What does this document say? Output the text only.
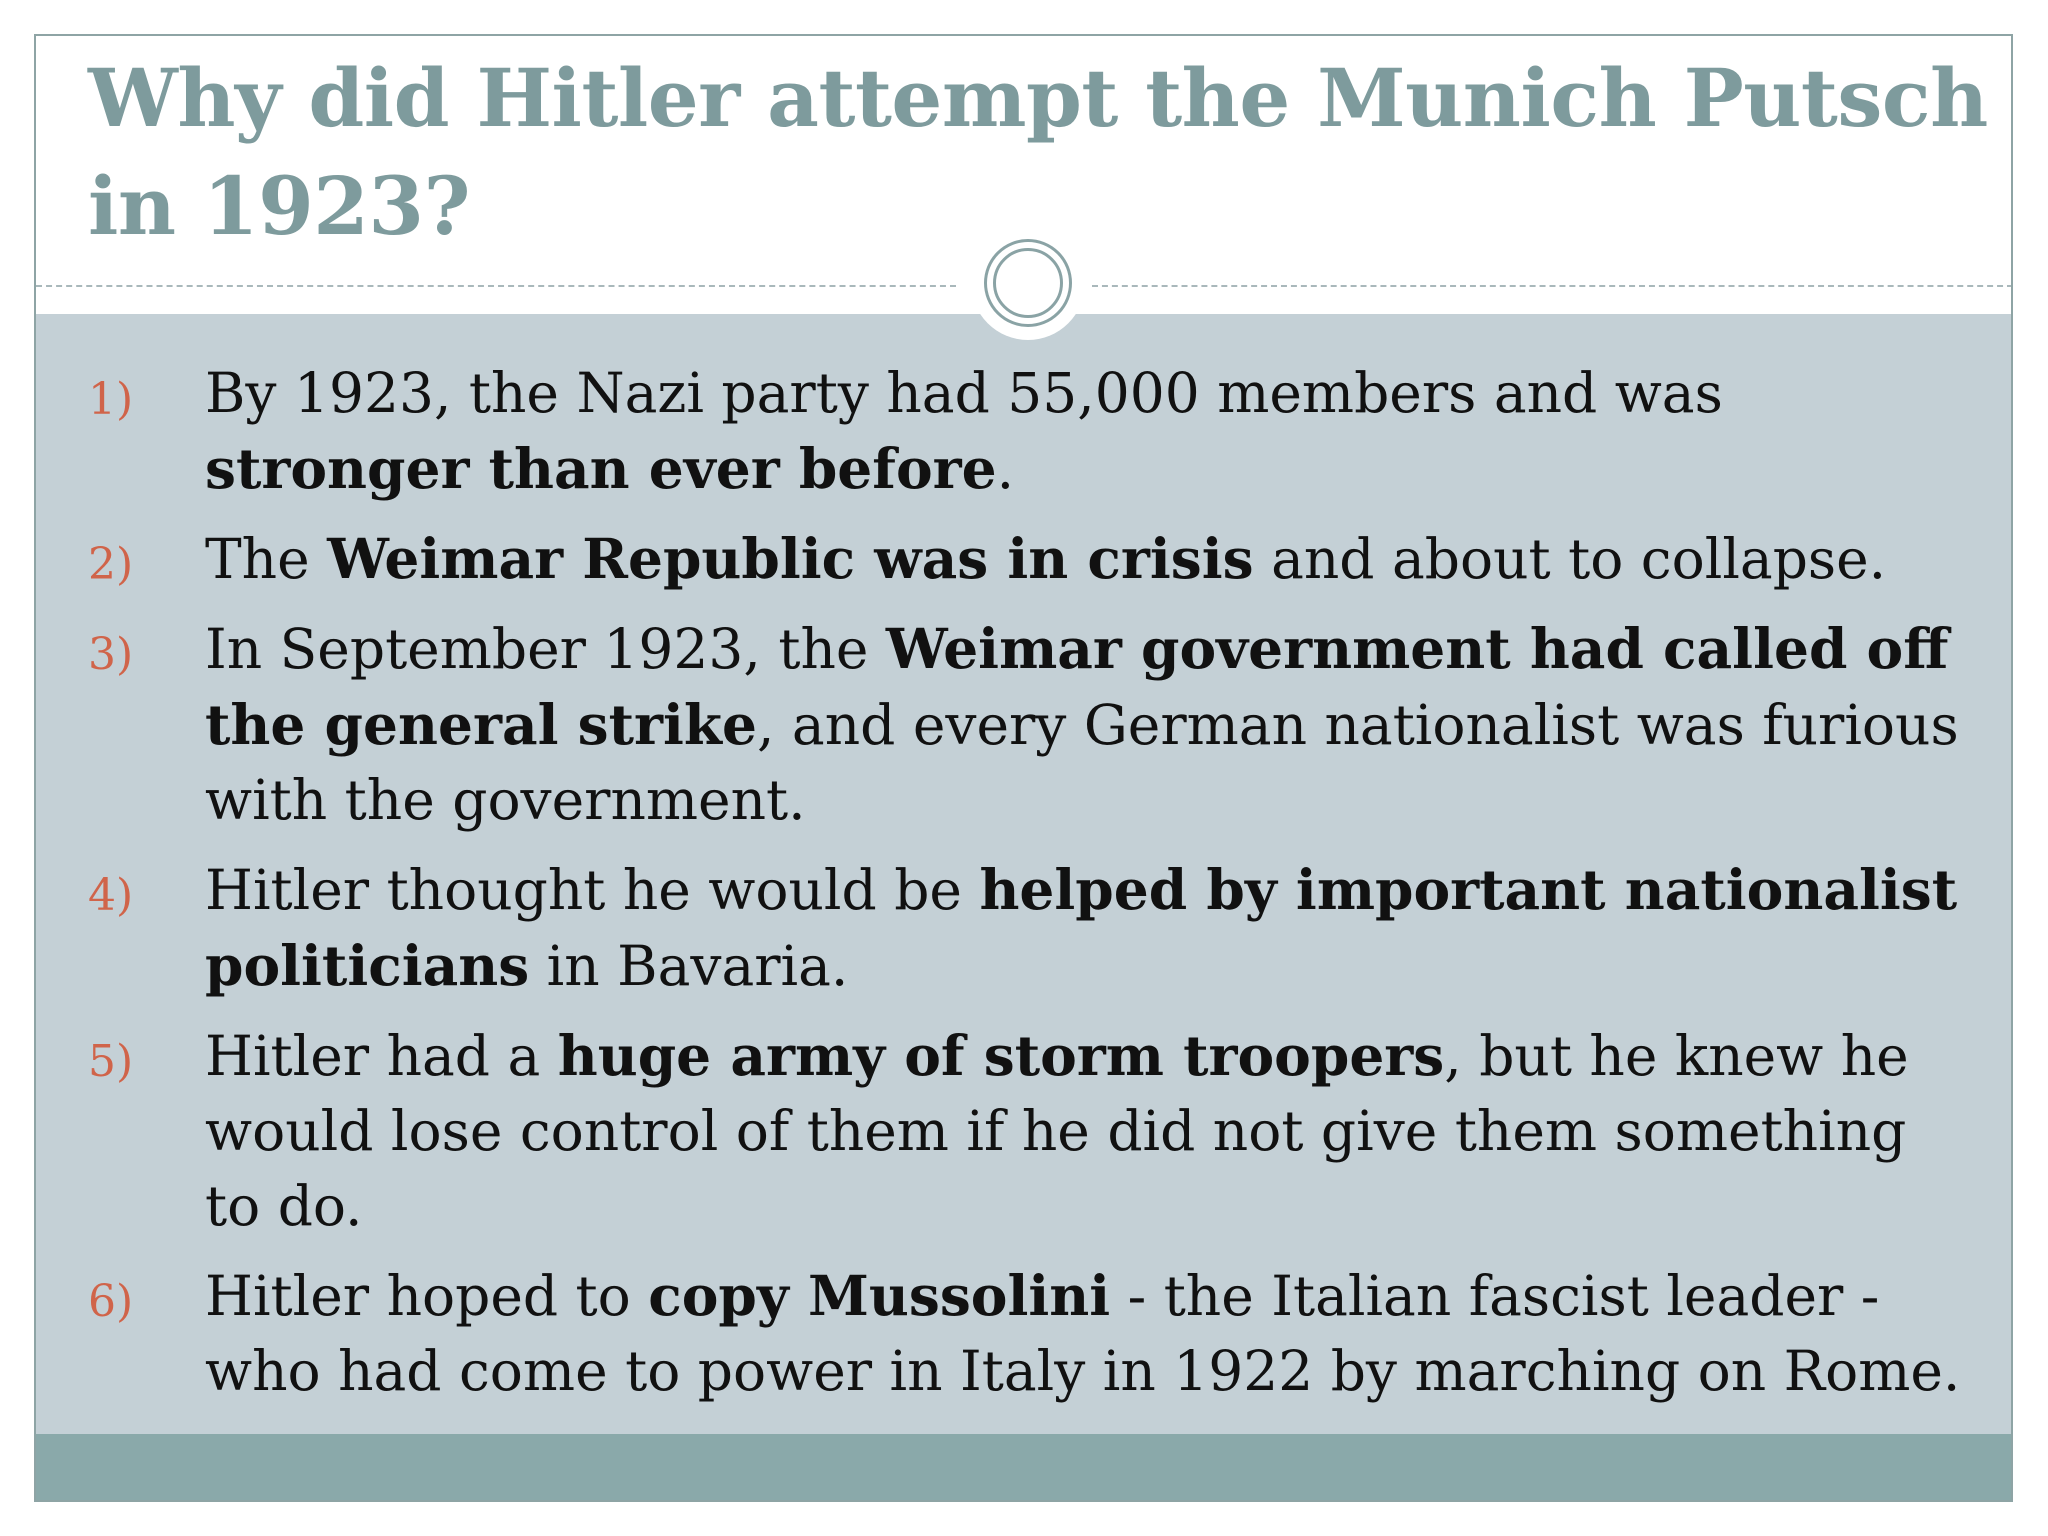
Why did Hitler attempt the Munich Putsch in 1923?
1) By 1923, the Nazi party had 55,000 members and was stronger than ever before.
2) The Weimar Republic was in crisis and about to collapse.
3) In September 1923, the Weimar government had called off the general strike, and every German nationalist was furious with the government.
4) Hitler thought he would be helped by important nationalist politicians in Bavaria.
5) Hitler had a huge army of storm troopers, but he knew he would lose control of them if he did not give them something to do.
6) Hitler hoped to copy Mussolini - the Italian fascist leader - who had come to power in Italy in 1922 by marching on Rome.
